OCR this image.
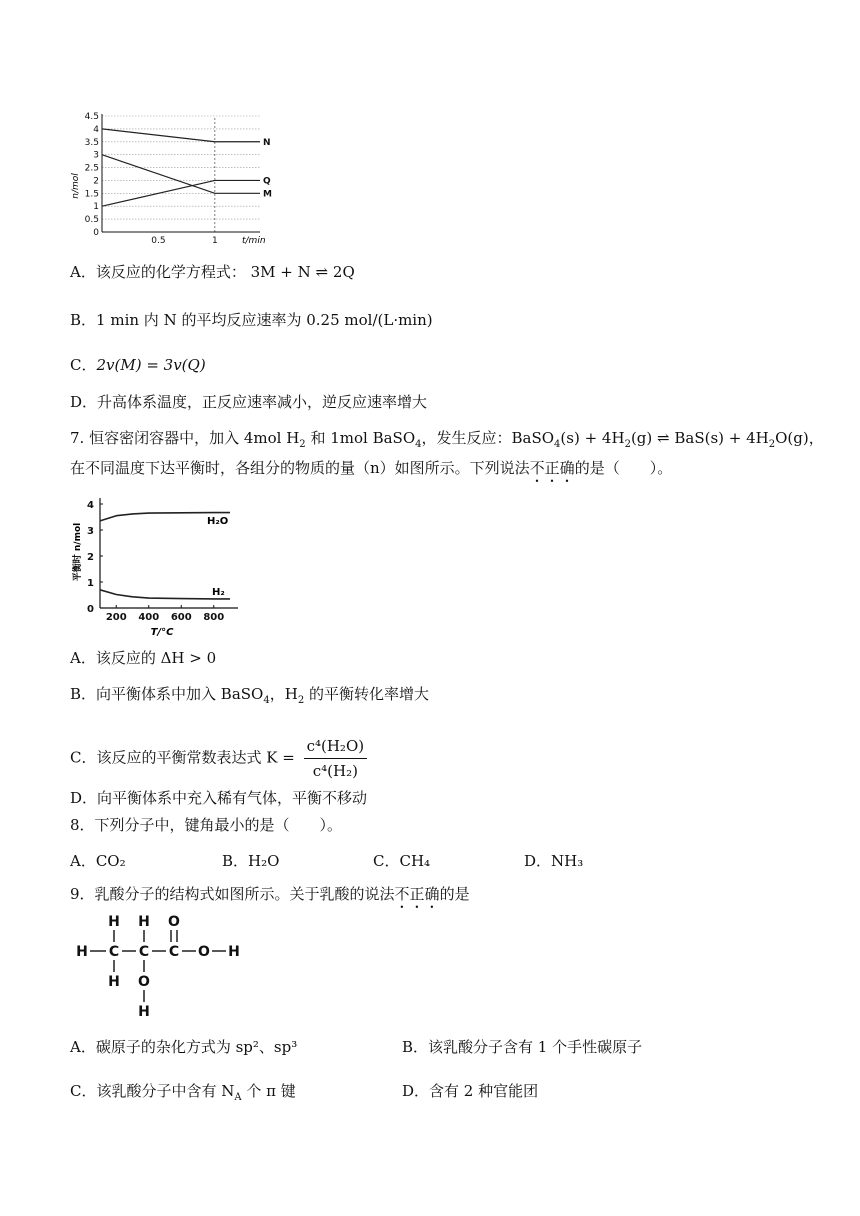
4.5
4
3.5
3
2.5
2
1.5
1
0.5
0
0.5	1
N
Q
M
n/mol
t/min
A．该反应的化学方程式： 3M + N ⇌ 2Q
B．1 min 内 N 的平均反应速率为 0.25 mol/(L·min)
C．2v(M) = 3v(Q)
D．升高体系温度，正反应速率减小，逆反应速率增大
7. 恒容密闭容器中，加入 4mol $H_2$ 和 1mol BaSO$_4$，发生反应：BaSO$_4$(s) + $4H_2(g)$ ⇌ $BaS(s) + 4H_2O(g)$，
在不同温度下达平衡时，各组分的物质的量（n）如图所示。下列说法不正确的是（　　）。
4
3
2
1
0
200 400 600 800
平衡时 n/mol
T/°C
H₂O
H₂
A．该反应的 ΔH > 0
B．向平衡体系中加入 BaSO$_4$，$H_2$ 的平衡转化率增大
C．该反应的平衡常数表达式 $K = \frac{\text{c⁴(H₂O)}}{\text{c⁴(H₂)}}$
D．向平衡体系中充入稀有气体，平衡不移动
8．下列分子中，键角最小的是（　　）。
A．CO₂	B．H₂O	C．CH₄	D．NH₃
9．乳酸分子的结构式如图所示。关于乳酸的说法不正确的是
H H O
H C C C O H
H O
H
A．碳原子的杂化方式为 sp²、sp³	B．该乳酸分子含有 1 个手性碳原子
C．该乳酸分子中含有 $N_A$ 个 π 键	D．含有 2 种官能团
